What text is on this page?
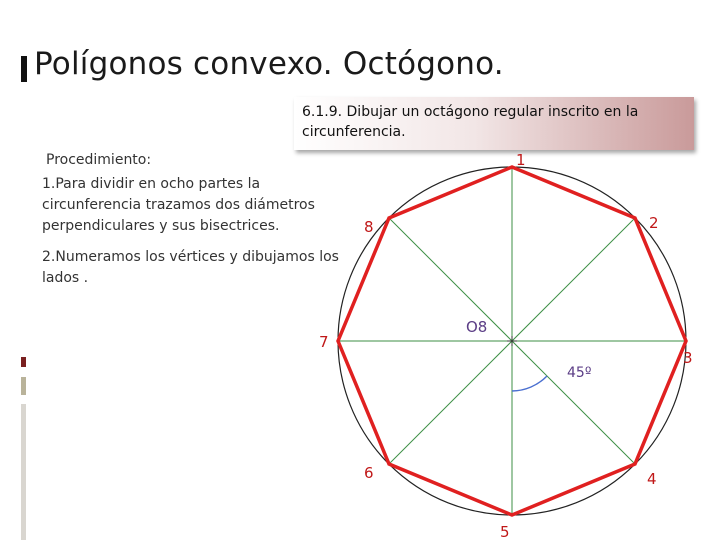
Polígonos convexo. Octógono.
6.1.9. Dibujar un octágono regular inscrito en la circunferencia.
Procedimiento:
1.Para dividir en ocho partes la circunferencia trazamos dos diámetros perpendiculares y sus bisectrices.
2.Numeramos los vértices y dibujamos los lados .
1
2
3
4
5
6
7
8
O8
45º
